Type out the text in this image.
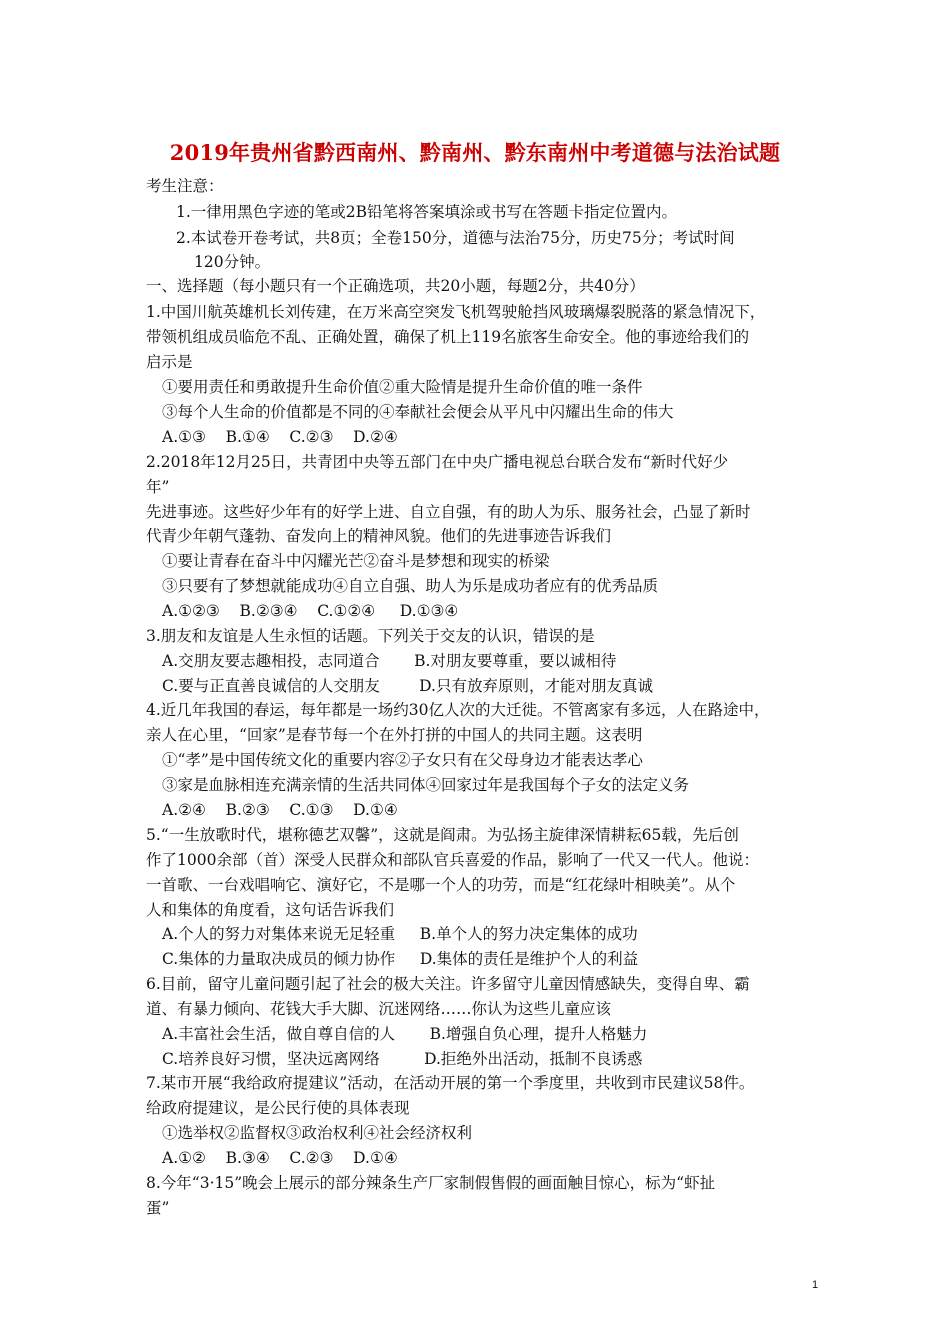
2019年贵州省黔西南州、黔南州、黔东南州中考道德与法治试题
考生注意：
1.一律用黑色字迹的笔或2B铅笔将答案填涂或书写在答题卡指定位置内。
2.本试卷开卷考试，共8页；全卷150分，道德与法治75分，历史75分；考试时间
120分钟。
一、选择题（每小题只有一个正确选项，共20小题，每题2分，共40分）
1.中国川航英雄机长刘传建，在万米高空突发飞机驾驶舱挡风玻璃爆裂脱落的紧急情况下，
带领机组成员临危不乱、正确处置，确保了机上119名旅客生命安全。他的事迹给我们的
启示是
①要用责任和勇敢提升生命价值②重大险情是提升生命价值的唯一条件
③每个人生命的价值都是不同的④奉献社会便会从平凡中闪耀出生命的伟大
A.①③    B.①④    C.②③    D.②④
2.2018年12月25日，共青团中央等五部门在中央广播电视总台联合发布“新时代好少
年”
先进事迹。这些好少年有的好学上进、自立自强，有的助人为乐、服务社会，凸显了新时
代青少年朝气蓬勃、奋发向上的精神风貌。他们的先进事迹告诉我们
①要让青春在奋斗中闪耀光芒②奋斗是梦想和现实的桥梁
③只要有了梦想就能成功④自立自强、助人为乐是成功者应有的优秀品质
A.①②③    B.②③④    C.①②④     D.①③④
3.朋友和友谊是人生永恒的话题。下列关于交友的认识，错误的是
A.交朋友要志趣相投，志同道合       B.对朋友要尊重，要以诚相待
C.要与正直善良诚信的人交朋友        D.只有放弃原则，才能对朋友真诚
4.近几年我国的春运，每年都是一场约30亿人次的大迁徙。不管离家有多远，人在路途中，
亲人在心里，“回家”是春节每一个在外打拼的中国人的共同主题。这表明
①“孝”是中国传统文化的重要内容②子女只有在父母身边才能表达孝心
③家是血脉相连充满亲情的生活共同体④回家过年是我国每个子女的法定义务
A.②④    B.②③    C.①③    D.①④
5.“一生放歌时代，堪称德艺双馨”，这就是阎肃。为弘扬主旋律深情耕耘65载，先后创
作了1000余部（首）深受人民群众和部队官兵喜爱的作品，影响了一代又一代人。他说：
一首歌、一台戏唱响它、演好它，不是哪一个人的功劳，而是“红花绿叶相映美”。从个
人和集体的角度看，这句话告诉我们
A.个人的努力对集体来说无足轻重     B.单个人的努力决定集体的成功
C.集体的力量取决成员的倾力协作     D.集体的责任是维护个人的利益
6.目前，留守儿童问题引起了社会的极大关注。许多留守儿童因情感缺失，变得自卑、霸
道、有暴力倾向、花钱大手大脚、沉迷网络……你认为这些儿童应该
A.丰富社会生活，做自尊自信的人       B.增强自负心理，提升人格魅力
C.培养良好习惯，坚决远离网络         D.拒绝外出活动，抵制不良诱惑
7.某市开展“我给政府提建议”活动，在活动开展的第一个季度里，共收到市民建议58件。
给政府提建议，是公民行使的具体表现
①选举权②监督权③政治权利④社会经济权利
A.①②    B.③④    C.②③    D.①④
8.今年“3·15”晚会上展示的部分辣条生产厂家制假售假的画面触目惊心，标为“虾扯
蛋”
1
